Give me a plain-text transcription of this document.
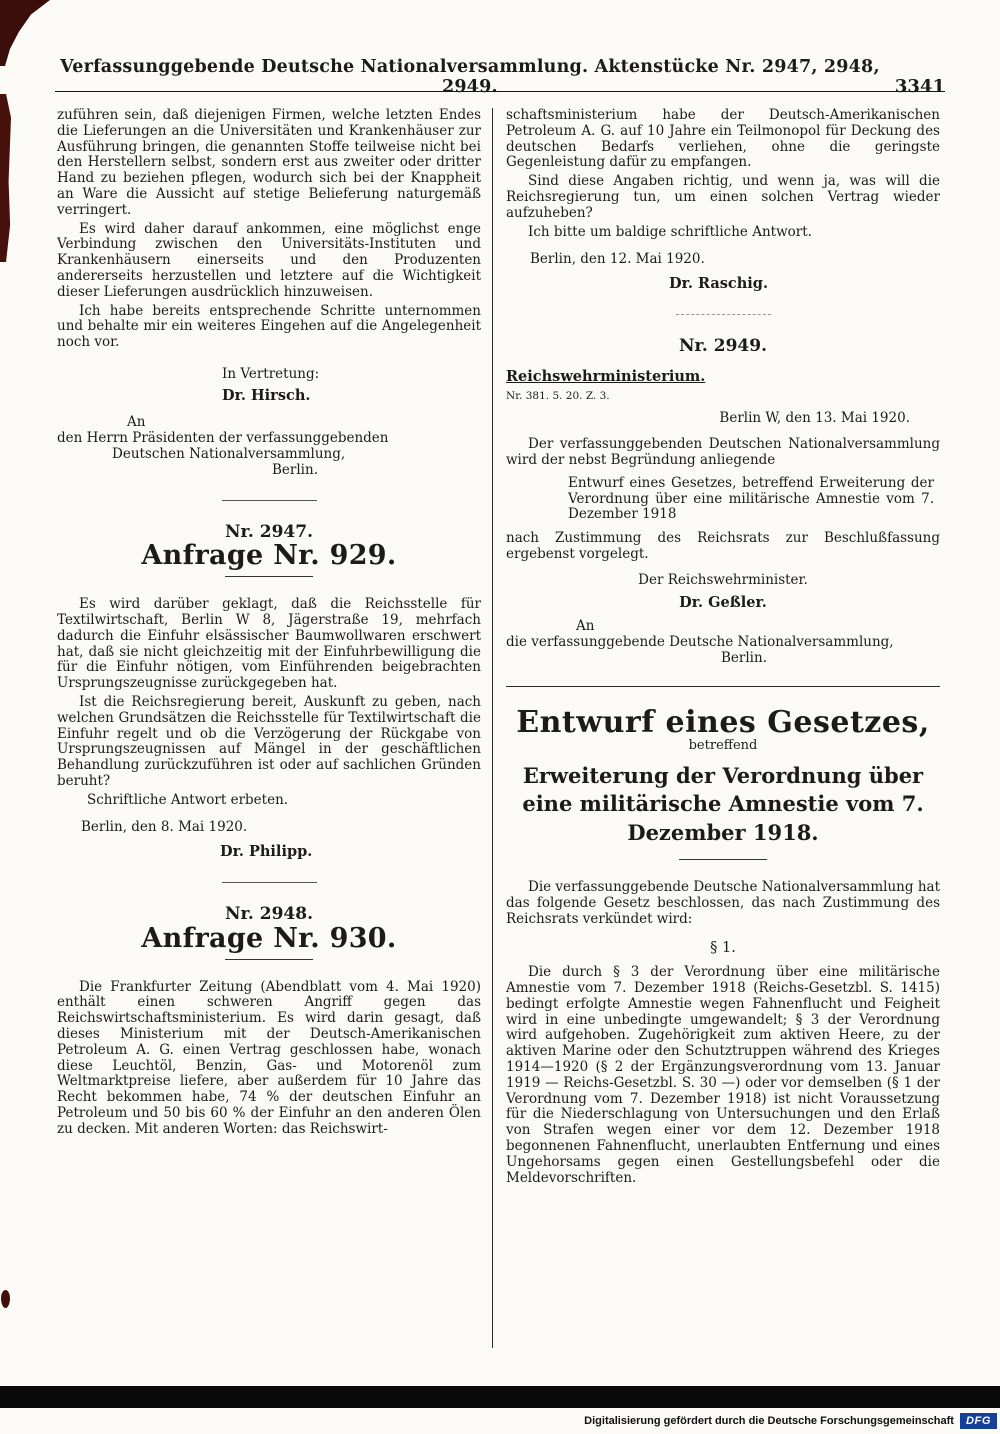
Verfassunggebende Deutsche Nationalversammlung. Aktenstücke Nr. 2947, 2948, 2949.	3341

zuführen sein, daß diejenigen Firmen, welche letzten Endes die Lieferungen an die Universitäten und Krankenhäuser zur Ausführung bringen, die genannten Stoffe teilweise nicht bei den Herstellern selbst, sondern erst aus zweiter oder dritter Hand zu beziehen pflegen, wodurch sich bei der Knappheit an Ware die Aussicht auf stetige Belieferung naturgemäß verringert.

Es wird daher darauf ankommen, eine möglichst enge Verbindung zwischen den Universitäts-Instituten und Krankenhäusern einerseits und den Produzenten andererseits herzustellen und letztere auf die Wichtigkeit dieser Lieferungen ausdrücklich hinzuweisen.

Ich habe bereits entsprechende Schritte unternommen und behalte mir ein weiteres Eingehen auf die Angelegenheit noch vor.

In Vertretung:
Dr. Hirsch.
An
den Herrn Präsidenten der verfassunggebenden
Deutschen Nationalversammlung,
Berlin.
Nr. 2947.
Anfrage Nr. 929.

Es wird darüber geklagt, daß die Reichsstelle für Textilwirtschaft, Berlin W 8, Jägerstraße 19, mehrfach dadurch die Einfuhr elsässischer Baumwollwaren erschwert hat, daß sie nicht gleichzeitig mit der Einfuhrbewilligung die für die Einfuhr nötigen, vom Einführenden beigebrachten Ursprungszeugnisse zurückgegeben hat.

Ist die Reichsregierung bereit, Auskunft zu geben, nach welchen Grundsätzen die Reichsstelle für Textilwirtschaft die Einfuhr regelt und ob die Verzögerung der Rückgabe von Ursprungszeugnissen auf Mängel in der geschäftlichen Behandlung zurückzuführen ist oder auf sachlichen Gründen beruht?

Schriftliche Antwort erbeten.

Berlin, den 8. Mai 1920.
Dr. Philipp.
Nr. 2948.
Anfrage Nr. 930.

Die Frankfurter Zeitung (Abendblatt vom 4. Mai 1920) enthält einen schweren Angriff gegen das Reichswirtschaftsministerium. Es wird darin gesagt, daß dieses Ministerium mit der Deutsch-Amerikanischen Petroleum A. G. einen Vertrag geschlossen habe, wonach diese Leuchtöl, Benzin, Gas- und Motorenöl zum Weltmarktpreise liefere, aber außerdem für 10 Jahre das Recht bekommen habe, 74 % der deutschen Einfuhr an Petroleum und 50 bis 60 % der Einfuhr an den anderen Ölen zu decken. Mit anderen Worten: das Reichswirt-

schaftsministerium habe der Deutsch-Amerikanischen Petroleum A. G. auf 10 Jahre ein Teilmonopol für Deckung des deutschen Bedarfs verliehen, ohne die geringste Gegenleistung dafür zu empfangen.

Sind diese Angaben richtig, und wenn ja, was will die Reichsregierung tun, um einen solchen Vertrag wieder aufzuheben?

Ich bitte um baldige schriftliche Antwort.

Berlin, den 12. Mai 1920.
Dr. Raschig.
Nr. 2949.
Reichswehrministerium.
Nr. 381. 5. 20. Z. 3.
Berlin W, den 13. Mai 1920.

Der verfassunggebenden Deutschen Nationalversammlung wird der nebst Begründung anliegende

Entwurf eines Gesetzes, betreffend Erweiterung der Verordnung über eine militärische Amnestie vom 7. Dezember 1918

nach Zustimmung des Reichsrats zur Beschlußfassung ergebenst vorgelegt.

Der Reichswehrminister.
Dr. Geßler.
An
die verfassunggebende Deutsche Nationalversammlung,
Berlin.
Entwurf eines Gesetzes,
betreffend
Erweiterung der Verordnung über eine militärische Amnestie vom 7. Dezember 1918.

Die verfassunggebende Deutsche Nationalversammlung hat das folgende Gesetz beschlossen, das nach Zustimmung des Reichsrats verkündet wird:

§ 1.

Die durch § 3 der Verordnung über eine militärische Amnestie vom 7. Dezember 1918 (Reichs-Gesetzbl. S. 1415) bedingt erfolgte Amnestie wegen Fahnenflucht und Feigheit wird in eine unbedingte umgewandelt; § 3 der Verordnung wird aufgehoben. Zugehörigkeit zum aktiven Heere, zu der aktiven Marine oder den Schutztruppen während des Krieges 1914—1920 (§ 2 der Ergänzungsverordnung vom 13. Januar 1919 — Reichs-Gesetzbl. S. 30 —) oder vor demselben (§ 1 der Verordnung vom 7. Dezember 1918) ist nicht Voraussetzung für die Niederschlagung von Untersuchungen und den Erlaß von Strafen wegen einer vor dem 12. Dezember 1918 begonnenen Fahnenflucht, unerlaubten Entfernung und eines Ungehorsams gegen einen Gestellungsbefehl oder die Meldevorschriften.

Digitalisierung gefördert durch die Deutsche Forschungsgemeinschaft	DFG
